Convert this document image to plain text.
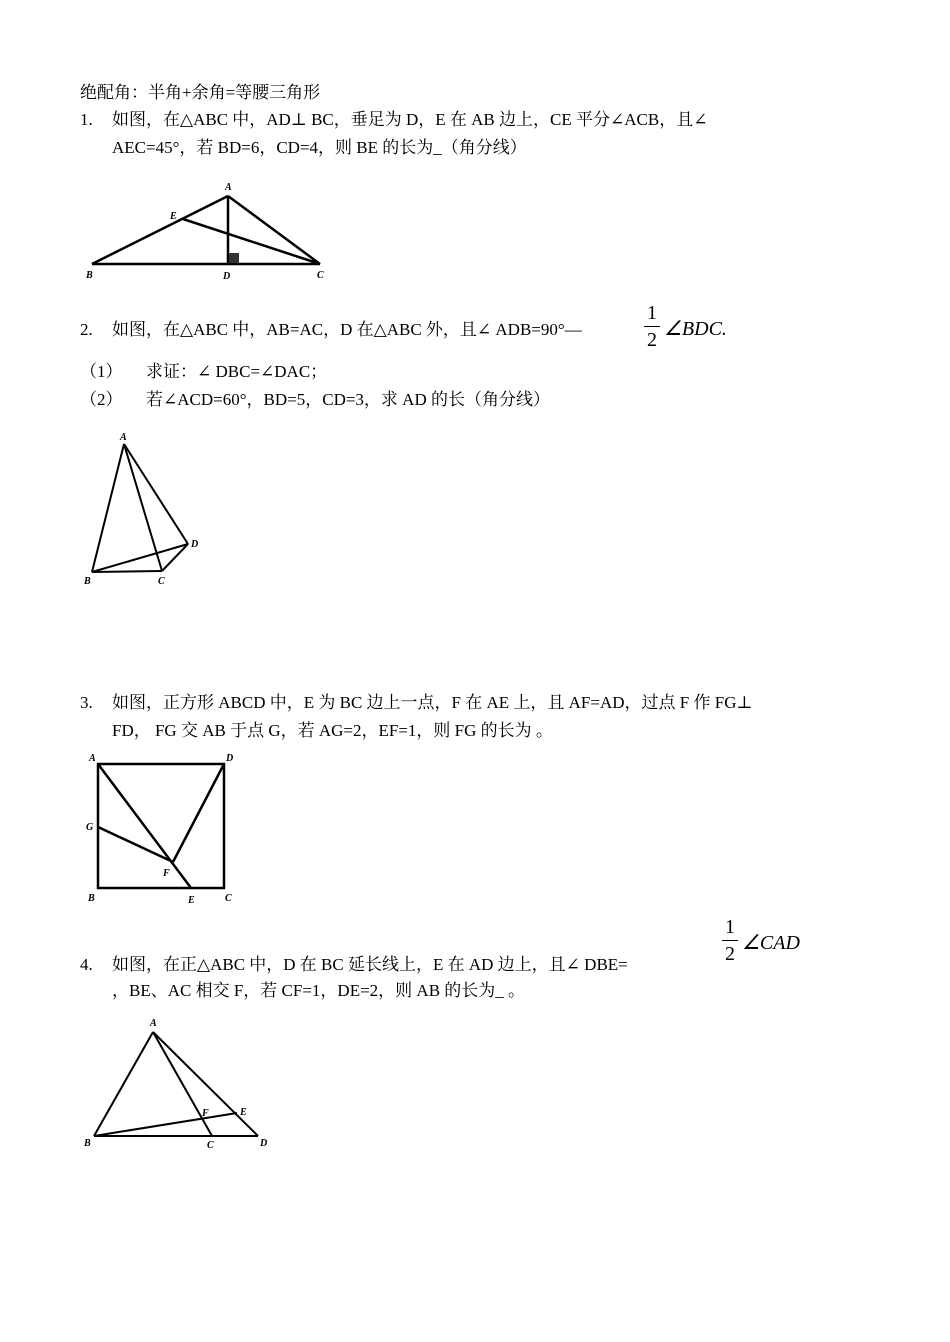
绝配角：半角+余角=等腰三角形
1. 如图，在△ABC 中，AD⊥ BC，垂足为 D，E 在 AB 边上，CE 平分∠ACB，且∠
AEC=45°，若 BD=6，CD=4，则 BE 的长为_（角分线）
A
B	C
D
E
2. 如图，在△ABC 中，AB=AC，D 在△ABC 外，且∠ ADB=90°—
1
2 ∠BDC.
（1） 求证：∠ DBC=∠DAC；
（2） 若∠ACD=60°，BD=5，CD=3，求 AD 的长（角分线）
A
B	C
D
3. 如图，正方形 ABCD 中，E 为 BC 边上一点，F 在 AE 上，且 AF=AD，过点 F 作 FG⊥
FD， FG 交 AB 于点 G，若 AG=2，EF=1，则 FG 的长为 。
A	D
G
F
B	E	C
1
2 ∠CAD
4. 如图，在正△ABC 中，D 在 BC 延长线上，E 在 AD 边上，且∠ DBE=
，BE、AC 相交 F，若 CF=1，DE=2，则 AB 的长为_ 。
A
B	C	D
E
F
